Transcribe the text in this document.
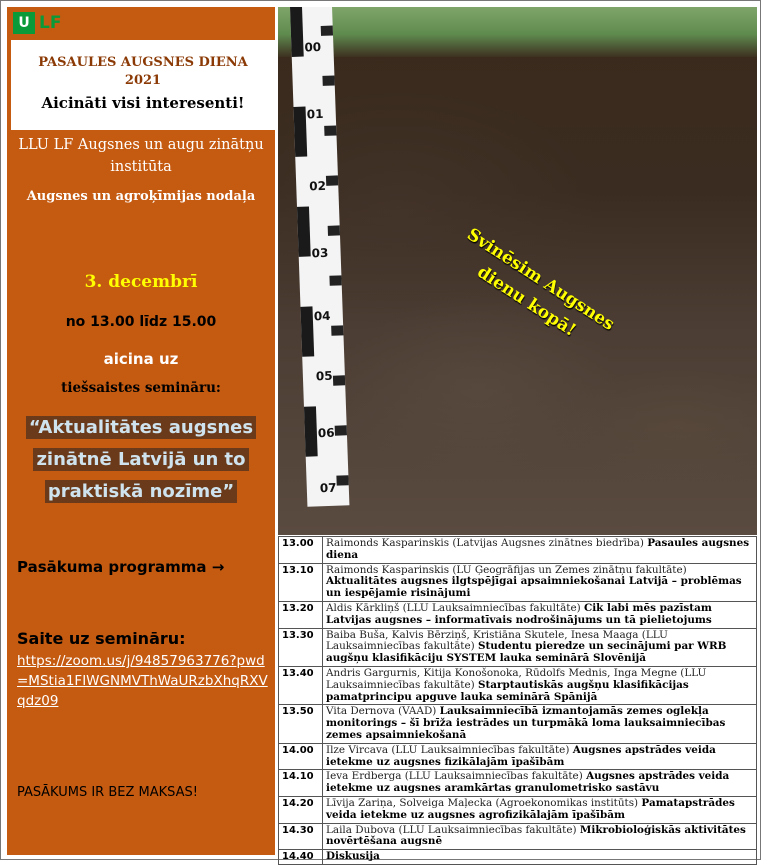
U LF
PASAULES AUGSNES DIENA
2021
Aicināti visi interesenti!
LLU LF Augsnes un augu zinātņu institūta
Augsnes un agroķīmijas nodaļa
3. decembrī
no 13.00 līdz 15.00
aicina uz
tiešsaistes semināru:
“Aktualitātes augsnes zinātnē Latvijā un to praktiskā nozīme”
Pasākuma programma →
Saite uz semināru:
https://zoom.us/j/94857963776?pwd=MStia1FIWGNMVThWaURzbXhqRXVqdz09
PASĀKUMS IR BEZ MAKSAS!
00
01
02
03
04
05
06
07
Svinēsim Augsnes dienu kopā!
13.00	Raimonds Kasparinskis (Latvijas Augsnes zinātnes biedrība) Pasaules augsnes diena
13.10	Raimonds Kasparinskis (LU Ģeogrāfijas un Zemes zinātņu fakultāte)
Aktualitātes augsnes ilgtspējīgai apsaimniekošanai Latvijā – problēmas un iespējamie risinājumi
13.20	Aldis Kārkliņš (LLU Lauksaimniecības fakultāte) Cik labi mēs pazīstam Latvijas augsnes – informatīvais nodrošinājums un tā pielietojums
13.30	Baiba Buša, Kalvis Bērziņš, Kristiāna Skutele, Inesa Maaga (LLU Lauksaimniecības fakultāte) Studentu pieredze un secinājumi par WRB augšņu klasifikāciju SYSTEM lauka seminārā Slovēnijā
13.40	Andris Gargurnis, Kitija Konošonoka, Rūdolfs Mednis, Inga Megne (LLU Lauksaimniecības fakultāte) Starptautiskās augšņu klasifikācijas pamatprincipu apguve lauka seminārā Spānijā
13.50	Vita Dernova (VAAD) Lauksaimniecībā izmantojamās zemes oglekļa monitorings – šī brīža iestrādes un turpmākā loma lauksaimniecības zemes apsaimniekošanā
14.00	Ilze Vircava (LLU Lauksaimniecības fakultāte) Augsnes apstrādes veida ietekme uz augsnes fizikālajām īpašībām
14.10	Ieva Erdberga (LLU Lauksaimniecības fakultāte) Augsnes apstrādes veida ietekme uz augsnes aramkārtas granulometrisko sastāvu
14.20	Līvija Zariņa, Solveiga Maļecka (Agroekonomikas institūts) Pamatapstrādes veida ietekme uz augsnes agrofizikālajām īpašībām
14.30	Laila Dubova (LLU Lauksaimniecības fakultāte) Mikrobioloģiskās aktivitātes novērtēšana augsnē
14.40	Diskusija
